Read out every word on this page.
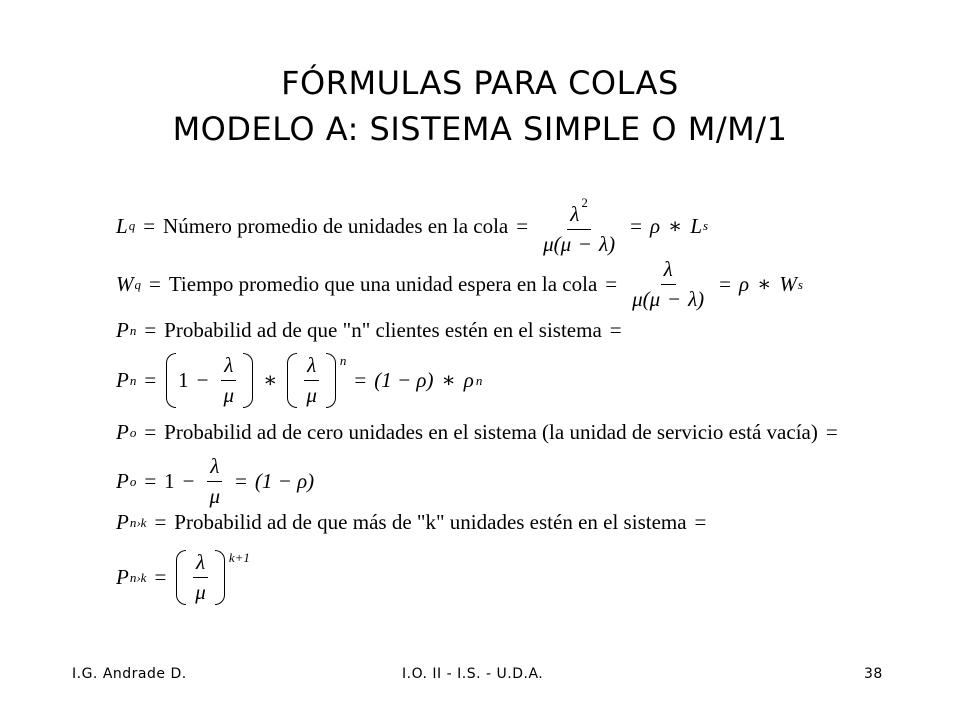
FÓRMULAS PARA COLAS
MODELO A: SISTEMA SIMPLE O M/M/1
L q = Número promedio de unidades en la cola = $\frac{\lambda ^2}{\mu(\mu - \lambda)} = \rho$ ∗ L s
W q = Tiempo promedio que una unidad espera en la cola = $\frac{\lambda}{\mu(\mu - \lambda)} = \rho$ ∗ W s
P n = Probabilid ad de que "n" clientes estén en el sistema =
P $n = 1 - \frac{\lambda}{\mu}$ ∗ $\frac{\lambda}{\mu}$ n
= (1 − ρ) ∗ ρ n
P o = Probabilid ad de cero unidades en el sistema (la unidad de servicio está vacía) =
P $o = 1 - \frac{\lambda}{\mu} = (1 - \rho)$
P n›k = Probabilid ad de que más de "k" unidades estén en el sistema =
P n›k = $\frac{\lambda}{\mu} k+1$
I.G. Andrade D.	I.O. II - I.S. - U.D.A.	38
